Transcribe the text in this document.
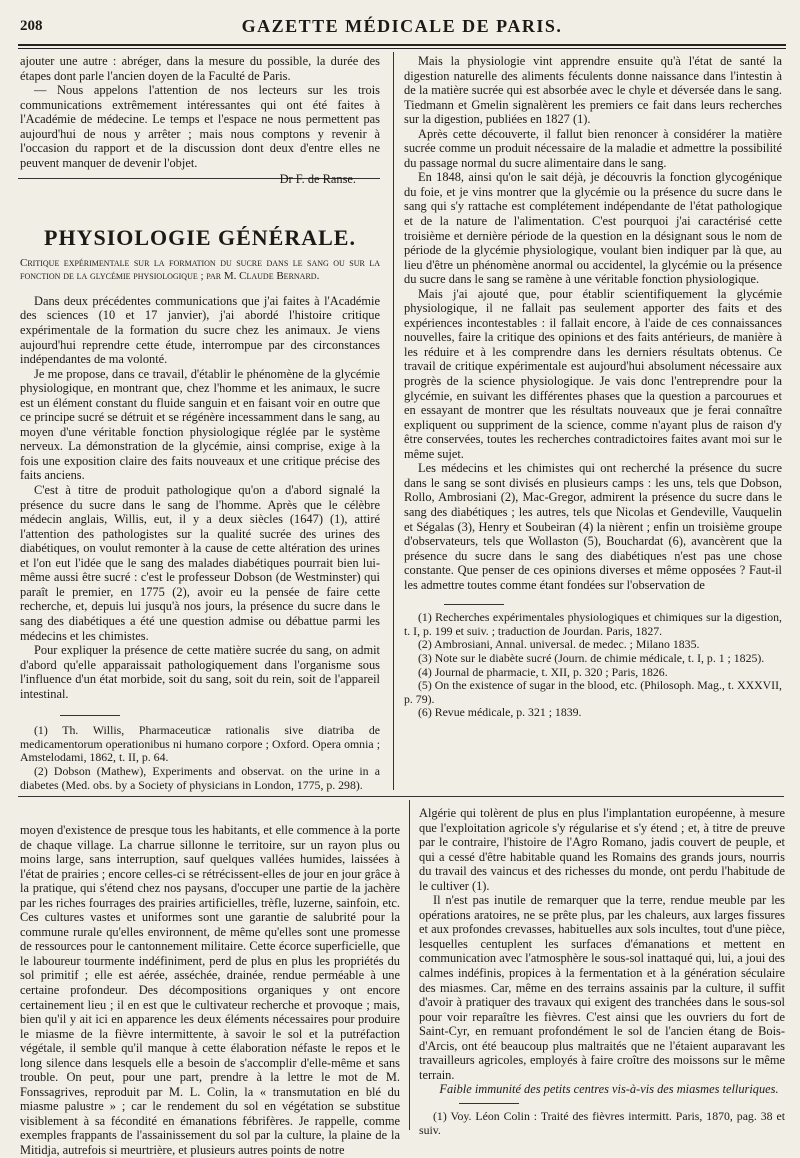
208	GAZETTE MÉDICALE DE PARIS.

ajouter une autre : abréger, dans la mesure du possible, la durée des étapes dont parle l'ancien doyen de la Faculté de Paris.

— Nous appelons l'attention de nos lecteurs sur les trois communications extrêmement intéressantes qui ont été faites à l'Académie de médecine. Le temps et l'espace ne nous permettent pas aujourd'hui de nous y arrêter ; mais nous comptons y revenir à l'occasion du rapport et de la discussion dont deux d'entre elles ne peuvent manquer de devenir l'objet.

Dr F. de Ranse.
PHYSIOLOGIE GÉNÉRALE.
Critique expérimentale sur la formation du sucre dans le sang ou sur la fonction de la glycémie physiologique ; par M. Claude Bernard.

Dans deux précédentes communications que j'ai faites à l'Académie des sciences (10 et 17 janvier), j'ai abordé l'histoire critique expérimentale de la formation du sucre chez les animaux. Je viens aujourd'hui reprendre cette étude, interrompue par des circonstances indépendantes de ma volonté.

Je me propose, dans ce travail, d'établir le phénomène de la glycémie physiologique, en montrant que, chez l'homme et les animaux, le sucre est un élément constant du fluide sanguin et en faisant voir en outre que ce principe sucré se détruit et se régénère incessamment dans le sang, au moyen d'une véritable fonction physiologique réglée par le système nerveux. La démonstration de la glycémie, ainsi comprise, exige à la fois une exposition claire des faits nouveaux et une critique précise des faits anciens.

C'est à titre de produit pathologique qu'on a d'abord signalé la présence du sucre dans le sang de l'homme. Après que le célèbre médecin anglais, Willis, eut, il y a deux siècles (1647) (1), attiré l'attention des pathologistes sur la qualité sucrée des urines des diabétiques, on voulut remonter à la cause de cette altération des urines et l'on eut l'idée que le sang des malades diabétiques pourrait bien lui-même aussi être sucré : c'est le professeur Dobson (de Westminster) qui paraît le premier, en 1775 (2), avoir eu la pensée de faire cette recherche, et, depuis lui jusqu'à nos jours, la présence du sucre dans le sang des diabétiques a été une question admise ou débattue parmi les médecins et les chimistes.

Pour expliquer la présence de cette matière sucrée du sang, on admit d'abord qu'elle apparaissait pathologiquement dans l'organisme sous l'influence d'un état morbide, soit du sang, soit du rein, soit de l'appareil intestinal.

(1) Th. Willis, Pharmaceuticæ rationalis sive diatriba de medicamentorum operationibus ni humano corpore ; Oxford. Opera omnia ; Amstelodami, 1862, t. II, p. 64.

(2) Dobson (Mathew), Experiments and observat. on the urine in a diabetes (Med. obs. by a Society of physicians in London, 1775, p. 298).

Mais la physiologie vint apprendre ensuite qu'à l'état de santé la digestion naturelle des aliments féculents donne naissance dans l'intestin à de la matière sucrée qui est absorbée avec le chyle et déversée dans le sang. Tiedmann et Gmelin signalèrent les premiers ce fait dans leurs recherches sur la digestion, publiées en 1827 (1).

Après cette découverte, il fallut bien renoncer à considérer la matière sucrée comme un produit nécessaire de la maladie et admettre la possibilité du passage normal du sucre alimentaire dans le sang.

En 1848, ainsi qu'on le sait déjà, je découvris la fonction glycogénique du foie, et je vins montrer que la glycémie ou la présence du sucre dans le sang qui s'y rattache est complétement indépendante de l'état pathologique et de la nature de l'alimentation. C'est pourquoi j'ai caractérisé cette troisième et dernière période de la question en la désignant sous le nom de période de la glycémie physiologique, voulant bien indiquer par là que, au lieu d'être un phénomène anormal ou accidentel, la glycémie ou la présence du sucre dans le sang se ramène à une véritable fonction physiologique.

Mais j'ai ajouté que, pour établir scientifiquement la glycémie physiologique, il ne fallait pas seulement apporter des faits et des expériences incontestables : il fallait encore, à l'aide de ces connaissances nouvelles, faire la critique des opinions et des faits antérieurs, de manière à les réduire et à les comprendre dans les derniers résultats obtenus. Ce travail de critique expérimentale est aujourd'hui absolument nécessaire aux progrès de la science physiologique. Je vais donc l'entreprendre pour la glycémie, en suivant les différentes phases que la question a parcourues et en essayant de montrer que les résultats nouveaux que je ferai connaître expliquent ou suppriment de la science, comme n'ayant plus de raison d'y être conservées, toutes les recherches contradictoires faites avant moi sur le même sujet.

Les médecins et les chimistes qui ont recherché la présence du sucre dans le sang se sont divisés en plusieurs camps : les uns, tels que Dobson, Rollo, Ambrosiani (2), Mac-Gregor, admirent la présence du sucre dans le sang des diabétiques ; les autres, tels que Nicolas et Gendeville, Vauquelin et Ségalas (3), Henry et Soubeiran (4) la nièrent ; enfin un troisième groupe d'observateurs, tels que Wollaston (5), Bouchardat (6), avancèrent que la présence du sucre dans le sang des diabétiques n'est pas une chose constante. Que penser de ces opinions diverses et même opposées ? Faut-il les admettre toutes comme étant fondées sur l'observation de

(1) Recherches expérimentales physiologiques et chimiques sur la digestion, t. I, p. 199 et suiv. ; traduction de Jourdan. Paris, 1827.

(2) Ambrosiani, Annal. universal. de medec. ; Milano 1835.

(3) Note sur le diabète sucré (Journ. de chimie médicale, t. I, p. 1 ; 1825).

(4) Journal de pharmacie, t. XII, p. 320 ; Paris, 1826.

(5) On the existence of sugar in the blood, etc. (Philosoph. Mag., t. XXXVII, p. 79).

(6) Revue médicale, p. 321 ; 1839.

moyen d'existence de presque tous les habitants, et elle commence à la porte de chaque village. La charrue sillonne le territoire, sur un rayon plus ou moins large, sans interruption, sauf quelques vallées humides, laissées à l'état de prairies ; encore celles-ci se rétrécissent-elles de jour en jour grâce à la pratique, qui s'étend chez nos paysans, d'occuper une partie de la jachère par les riches fourrages des prairies artificielles, trèfle, luzerne, sainfoin, etc. Ces cultures vastes et uniformes sont une garantie de salubrité pour la commune rurale qu'elles environnent, de même qu'elles sont une promesse de ressources pour le cantonnement militaire. Cette écorce superficielle, que le laboureur tourmente indéfiniment, perd de plus en plus les propriétés du sol primitif ; elle est aérée, asséchée, drainée, rendue perméable à une certaine profondeur. Des décompositions organiques y ont encore certainement lieu ; il en est que le cultivateur recherche et provoque ; mais, bien qu'il y ait ici en apparence les deux éléments nécessaires pour produire le miasme de la fièvre intermittente, à savoir le sol et la putréfaction végétale, il semble qu'il manque à cette élaboration néfaste le repos et le long silence dans lesquels elle a besoin de s'accomplir d'elle-même et sans trouble. On peut, pour une part, prendre à la lettre le mot de M. Fonssagrives, reproduit par M. L. Colin, la « transmutation en blé du miasme palustre » ; car le rendement du sol en végétation se substitue visiblement à sa fécondité en émanations fébrifères. Je rappelle, comme exemples frappants de l'assainissement du sol par la culture, la plaine de la Mitidja, autrefois si meurtrière, et plusieurs autres points de notre

Algérie qui tolèrent de plus en plus l'implantation européenne, à mesure que l'exploitation agricole s'y régularise et s'y étend ; et, à titre de preuve par le contraire, l'histoire de l'Agro Romano, jadis couvert de peuple, et qui a cessé d'être habitable quand les Romains des grands jours, nourris du travail des vaincus et des richesses du monde, ont perdu l'habitude de le cultiver (1).

Il n'est pas inutile de remarquer que la terre, rendue meuble par les opérations aratoires, ne se prête plus, par les chaleurs, aux larges fissures et aux profondes crevasses, habituelles aux sols incultes, tout d'une pièce, lesquelles centuplent les surfaces d'émanations et mettent en communication avec l'atmosphère le sous-sol inattaqué qui, lui, a joui des calmes indéfinis, propices à la fermentation et à la génération séculaire des miasmes. Car, même en des terrains assainis par la culture, il suffit d'avoir à pratiquer des travaux qui exigent des tranchées dans le sous-sol pour voir reparaître les fièvres. C'est ainsi que les ouvriers du fort de Saint-Cyr, en remuant profondément le sol de l'ancien étang de Bois-d'Arcis, ont été beaucoup plus maltraités que ne l'étaient auparavant les travailleurs agricoles, employés à faire croître des moissons sur le même terrain.

Faible immunité des petits centres vis-à-vis des miasmes telluriques.

(1) Voy. Léon Colin : Traité des fièvres intermitt. Paris, 1870, pag. 38 et suiv.
